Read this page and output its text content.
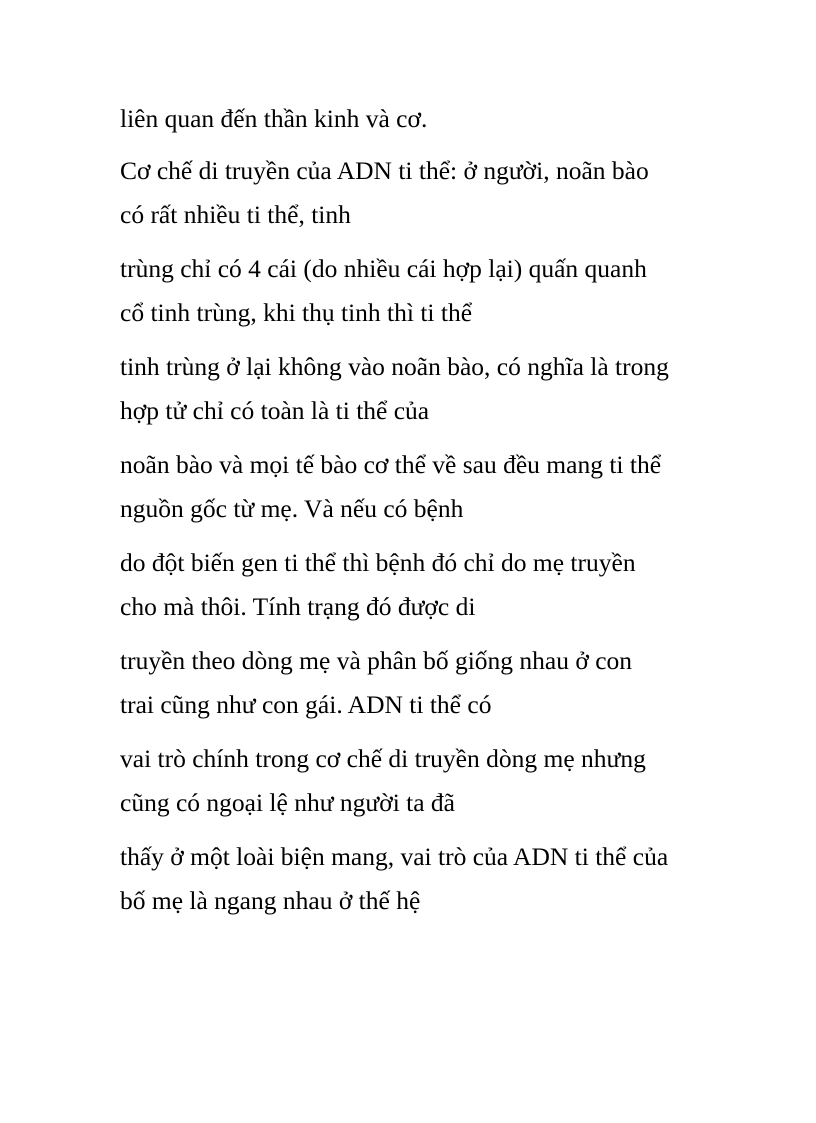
liên quan đến thần kinh và cơ.

Cơ chế di truyền của ADN ti thể: ở người, noãn bào
có rất nhiều ti thể, tinh

trùng chỉ có 4 cái (do nhiều cái hợp lại) quấn quanh
cổ tinh trùng, khi thụ tinh thì ti thể

tinh trùng ở lại không vào noãn bào, có nghĩa là trong
hợp tử chỉ có toàn là ti thể của

noãn bào và mọi tế bào cơ thể về sau đều mang ti thể
nguồn gốc từ mẹ. Và nếu có bệnh

do đột biến gen ti thể thì bệnh đó chỉ do mẹ truyền
cho mà thôi. Tính trạng đó được di

truyền theo dòng mẹ và phân bố giống nhau ở con
trai cũng như con gái. ADN ti thể có

vai trò chính trong cơ chế di truyền dòng mẹ nhưng
cũng có ngoại lệ như người ta đã

thấy ở một loài biện mang, vai trò của ADN ti thể của
bố mẹ là ngang nhau ở thế hệ
